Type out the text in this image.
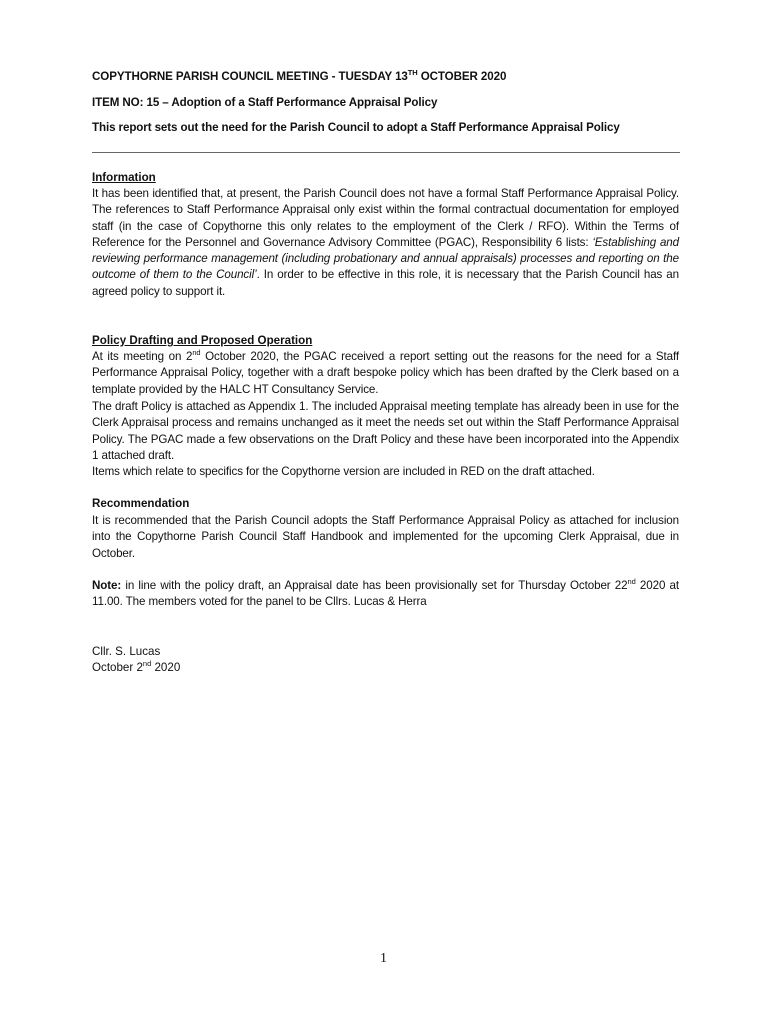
COPYTHORNE PARISH COUNCIL MEETING - TUESDAY 13TH OCTOBER 2020
ITEM NO: 15 – Adoption of a Staff Performance Appraisal Policy
This report sets out the need for the Parish Council to adopt a Staff Performance Appraisal Policy
Information
It has been identified that, at present, the Parish Council does not have a formal Staff Performance Appraisal Policy. The references to Staff Performance Appraisal only exist within the formal contractual documentation for employed staff (in the case of Copythorne this only relates to the employment of the Clerk / RFO). Within the Terms of Reference for the Personnel and Governance Advisory Committee (PGAC), Responsibility 6 lists: ‘Establishing and reviewing performance management (including probationary and annual appraisals) processes and reporting on the outcome of them to the Council’. In order to be effective in this role, it is necessary that the Parish Council has an agreed policy to support it.
Policy Drafting and Proposed Operation
At its meeting on 2nd October 2020, the PGAC received a report setting out the reasons for the need for a Staff Performance Appraisal Policy, together with a draft bespoke policy which has been drafted by the Clerk based on a template provided by the HALC HT Consultancy Service.
The draft Policy is attached as Appendix 1. The included Appraisal meeting template has already been in use for the Clerk Appraisal process and remains unchanged as it meet the needs set out within the Staff Performance Appraisal Policy. The PGAC made a few observations on the Draft Policy and these have been incorporated into the Appendix 1 attached draft.
Items which relate to specifics for the Copythorne version are included in RED on the draft attached.
Recommendation
It is recommended that the Parish Council adopts the Staff Performance Appraisal Policy as attached for inclusion into the Copythorne Parish Council Staff Handbook and implemented for the upcoming Clerk Appraisal, due in October.
Note: in line with the policy draft, an Appraisal date has been provisionally set for Thursday October 22nd 2020 at 11.00. The members voted for the panel to be Cllrs. Lucas & Herra
Cllr. S. Lucas
October 2nd 2020
1
